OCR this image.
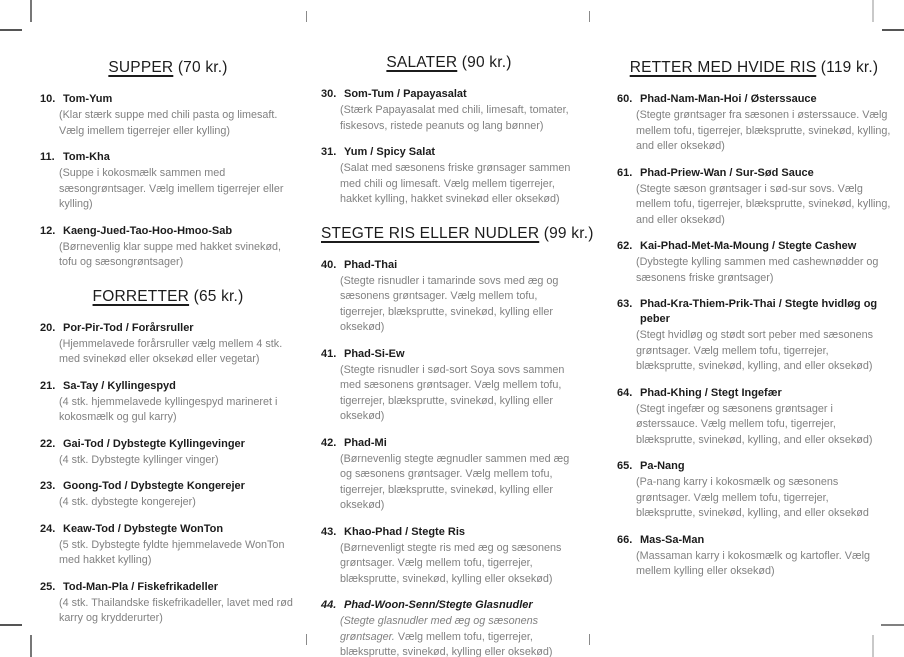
SUPPER (70 kr.)
10. Tom-Yum
(Klar stærk suppe med chili pasta og limesaft. Vælg imellem tigerrejer eller kylling)
11. Tom-Kha
(Suppe i kokosmælk sammen med sæsongrøntsager. Vælg imellem tigerrejer eller kylling)
12. Kaeng-Jued-Tao-Hoo-Hmoo-Sab
(Børnevenlig klar suppe med hakket svinekød, tofu og sæsongrøntsager)
FORRETTER (65 kr.)
20. Por-Pir-Tod / Forårsruller
(Hjemmelavede forårsruller vælg mellem 4 stk. med svinekød eller oksekød eller vegetar)
21. Sa-Tay / Kyllingespyd
(4 stk. hjemmelavede kyllingespyd marineret i kokosmælk og gul karry)
22. Gai-Tod / Dybstegte Kyllingevinger
(4 stk. Dybstegte kyllinger vinger)
23. Goong-Tod / Dybstegte Kongerejer
(4 stk. dybstegte kongerejer)
24. Keaw-Tod / Dybstegte WonTon
(5 stk. Dybstegte fyldte hjemmelavede WonTon med hakket kylling)
25. Tod-Man-Pla / Fiskefrikadeller
(4 stk. Thailandske fiskefrikadeller, lavet med rød karry og krydderurter)
SALATER (90 kr.)
30. Som-Tum / Papayasalat
(Stærk Papayasalat med chili, limesaft, tomater, fiskesovs, ristede peanuts og lang bønner)
31. Yum / Spicy Salat
(Salat med sæsonens friske grønsager sammen med chili og limesaft. Vælg mellem tigerrejer, hakket kylling, hakket svinekød eller oksekød)
STEGTE RIS ELLER NUDLER (99 kr.)
40. Phad-Thai
(Stegte risnudler i tamarinde sovs med æg og sæsonens grøntsager. Vælg mellem tofu, tigerrejer, blæksprutte, svinekød, kylling eller oksekød)
41. Phad-Si-Ew
(Stegte risnudler i sød-sort Soya sovs sammen med sæsonens grøntsager. Vælg mellem tofu, tigerrejer, blæksprutte, svinekød, kylling eller oksekød)
42. Phad-Mi
(Børnevenlig stegte ægnudler sammen med æg og sæsonens grøntsager. Vælg mellem tofu, tigerrejer, blæksprutte, svinekød, kylling eller oksekød)
43. Khao-Phad / Stegte Ris
(Børnevenligt stegte ris med æg og sæsonens grøntsager. Vælg mellem tofu, tigerrejer, blæksprutte, svinekød, kylling eller oksekød)
44. Phad-Woon-Senn/Stegte Glasnudler
(Stegte glasnudler med æg og sæsonens grøntsager. Vælg mellem tofu, tigerrejer, blæksprutte, svinekød, kylling eller oksekød)
RETTER MED HVIDE RIS (119 kr.)
60. Phad-Nam-Man-Hoi / Østerssauce
(Stegte grøntsager fra sæsonen i østerssauce. Vælg mellem tofu, tigerrejer, blæksprutte, svinekød, kylling, and eller oksekød)
61. Phad-Priew-Wan / Sur-Sød Sauce
(Stegte sæson grøntsager i sød-sur sovs. Vælg mellem tofu, tigerrejer, blæksprutte, svinekød, kylling, and eller oksekød)
62. Kai-Phad-Met-Ma-Moung / Stegte Cashew
(Dybstegte kylling sammen med cashewnødder og sæsonens friske grøntsager)
63. Phad-Kra-Thiem-Prik-Thai / Stegte hvidløg og peber
(Stegt hvidløg og stødt sort peber med sæsonens grøntsager. Vælg mellem tofu, tigerrejer, blæksprutte, svinekød, kylling, and eller oksekød)
64. Phad-Khing / Stegt Ingefær
(Stegt ingefær og sæsonens grøntsager i østerssauce. Vælg mellem tofu, tigerrejer, blæksprutte, svinekød, kylling, and eller oksekød)
65. Pa-Nang
(Pa-nang karry i kokosmælk og sæsonens grøntsager. Vælg mellem tofu, tigerrejer, blæksprutte, svinekød, kylling, and eller oksekød
66. Mas-Sa-Man
(Massaman karry i kokosmælk og kartofler. Vælg mellem kylling eller oksekød)
